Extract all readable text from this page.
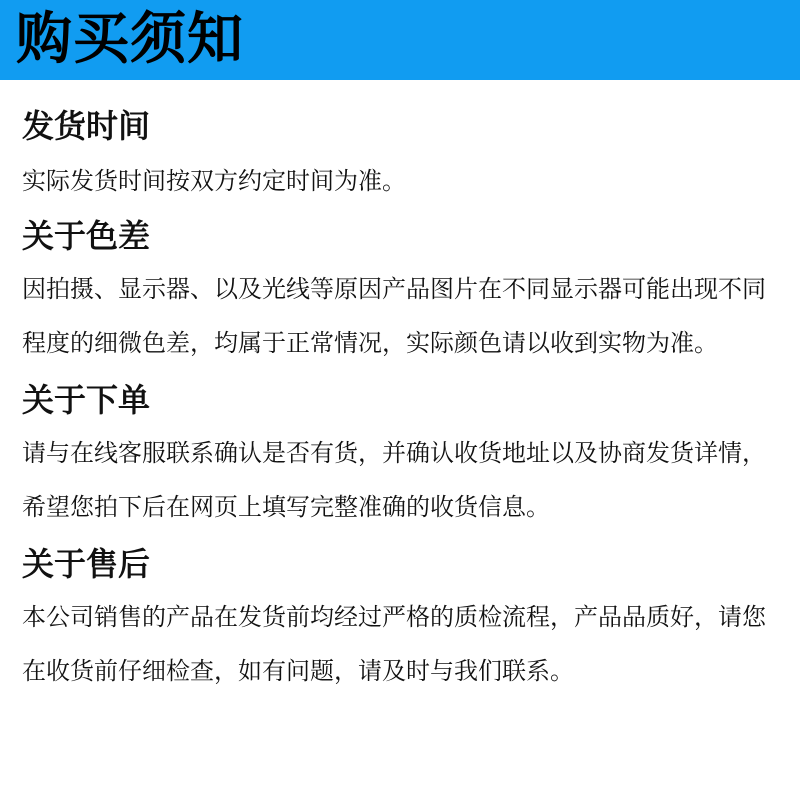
购买须知
发货时间

实际发货时间按双方约定时间为准。

关于色差

因拍摄、显示器、以及光线等原因产品图片在不同显示器可能出现不同程度的细微色差，均属于正常情况，实际颜色请以收到实物为准。

关于下单

请与在线客服联系确认是否有货，并确认收货地址以及协商发货详情，希望您拍下后在网页上填写完整准确的收货信息。

关于售后

本公司销售的产品在发货前均经过严格的质检流程，产品品质好，请您在收货前仔细检查，如有问题，请及时与我们联系。
